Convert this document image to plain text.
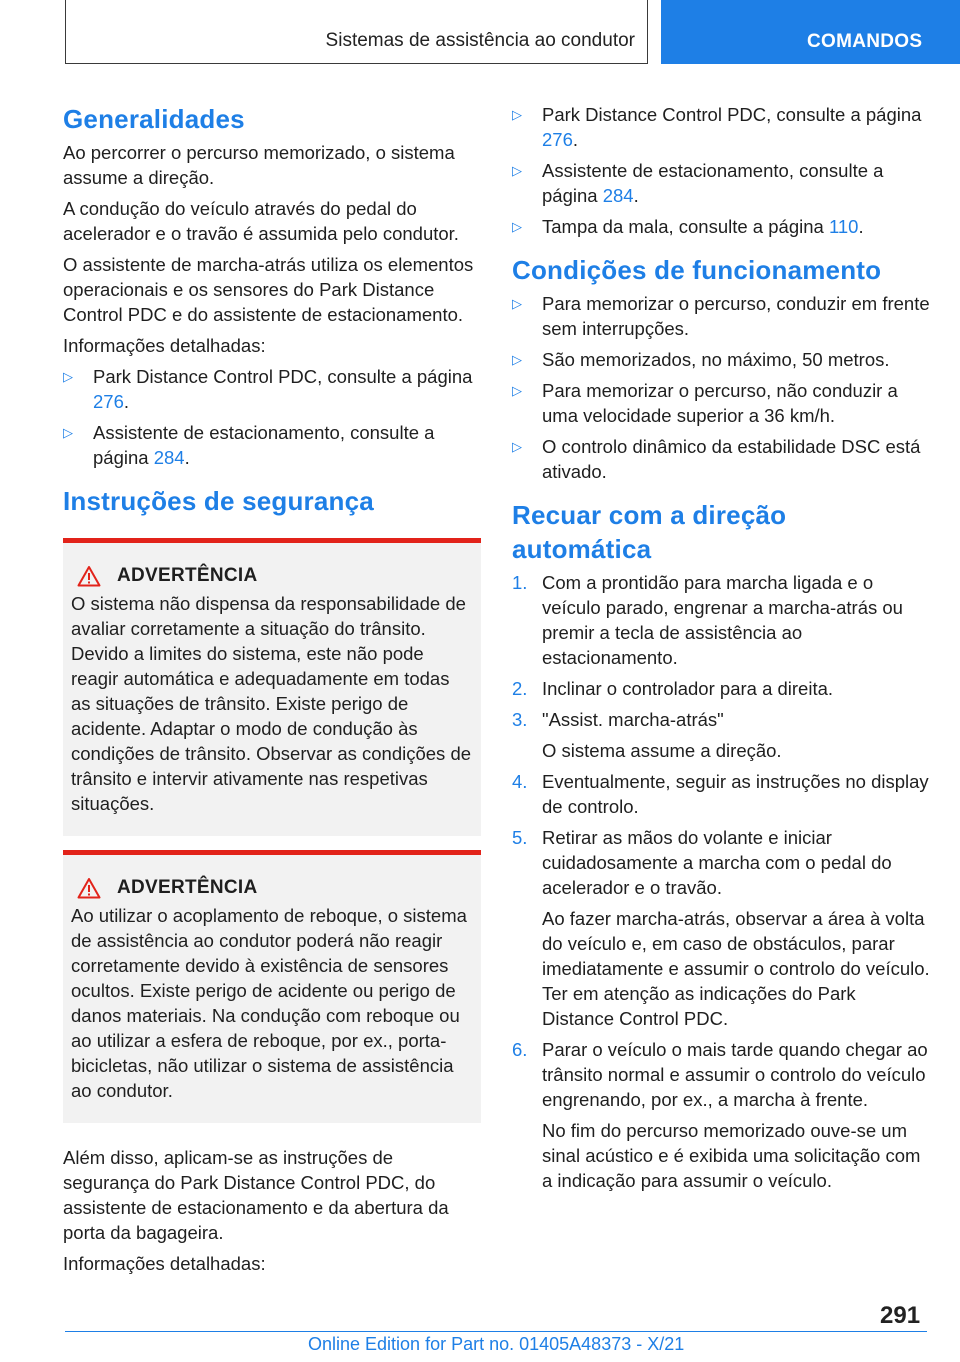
Sistemas de assistência ao condutor	COMANDOS
Generalidades

Ao percorrer o percurso memorizado, o sistema assume a direção.

A condução do veículo através do pedal do acelerador e o travão é assumida pelo condutor.

O assistente de marcha-atrás utiliza os elementos operacionais e os sensores do Park Distance Control PDC e do assistente de estacionamento.

Informações detalhadas:

▷	Park Distance Control PDC, consulte a página 276.
▷	Assistente de estacionamento, consulte a página 284.
Instruções de segurança
ADVERTÊNCIA

O sistema não dispensa da responsabilidade de avaliar corretamente a situação do trânsito. Devido a limites do sistema, este não pode reagir automática e adequadamente em todas as situações de trânsito. Existe perigo de acidente. Adaptar o modo de condução às condições de trânsito. Observar as condições de trânsito e intervir ativamente nas respetivas situações.

ADVERTÊNCIA

Ao utilizar o acoplamento de reboque, o sistema de assistência ao condutor poderá não reagir corretamente devido à existência de sensores ocultos. Existe perigo de acidente ou perigo de danos materiais. Na condução com reboque ou ao utilizar a esfera de reboque, por ex., porta-bicicletas, não utilizar o sistema de assistência ao condutor.

Além disso, aplicam-se as instruções de segurança do Park Distance Control PDC, do assistente de estacionamento e da abertura da porta da bagageira.

Informações detalhadas:

▷	Park Distance Control PDC, consulte a página 276.
▷	Assistente de estacionamento, consulte a página 284.
▷	Tampa da mala, consulte a página 110.
Condições de funcionamento
▷	Para memorizar o percurso, conduzir em frente sem interrupções.
▷	São memorizados, no máximo, 50 metros.
▷	Para memorizar o percurso, não conduzir a uma velocidade superior a 36 km/h.
▷	O controlo dinâmico da estabilidade DSC está ativado.
Recuar com a direção automática
1. Com a prontidão para marcha ligada e o veículo parado, engrenar a marcha-atrás ou premir a tecla de assistência ao estacionamento.
2. Inclinar o controlador para a direita.
3. "Assist. marcha-atrás"
O sistema assume a direção.
4. Eventualmente, seguir as instruções no display de controlo.
5. Retirar as mãos do volante e iniciar cuidadosamente a marcha com o pedal do acelerador e o travão.
Ao fazer marcha-atrás, observar a área à volta do veículo e, em caso de obstáculos, parar imediatamente e assumir o controlo do veículo. Ter em atenção as indicações do Park Distance Control PDC.
6. Parar o veículo o mais tarde quando chegar ao trânsito normal e assumir o controlo do veículo engrenando, por ex., a marcha à frente.
No fim do percurso memorizado ouve-se um sinal acústico e é exibida uma solicitação com a indicação para assumir o veículo.
291
Online Edition for Part no. 01405A48373 - X/21
